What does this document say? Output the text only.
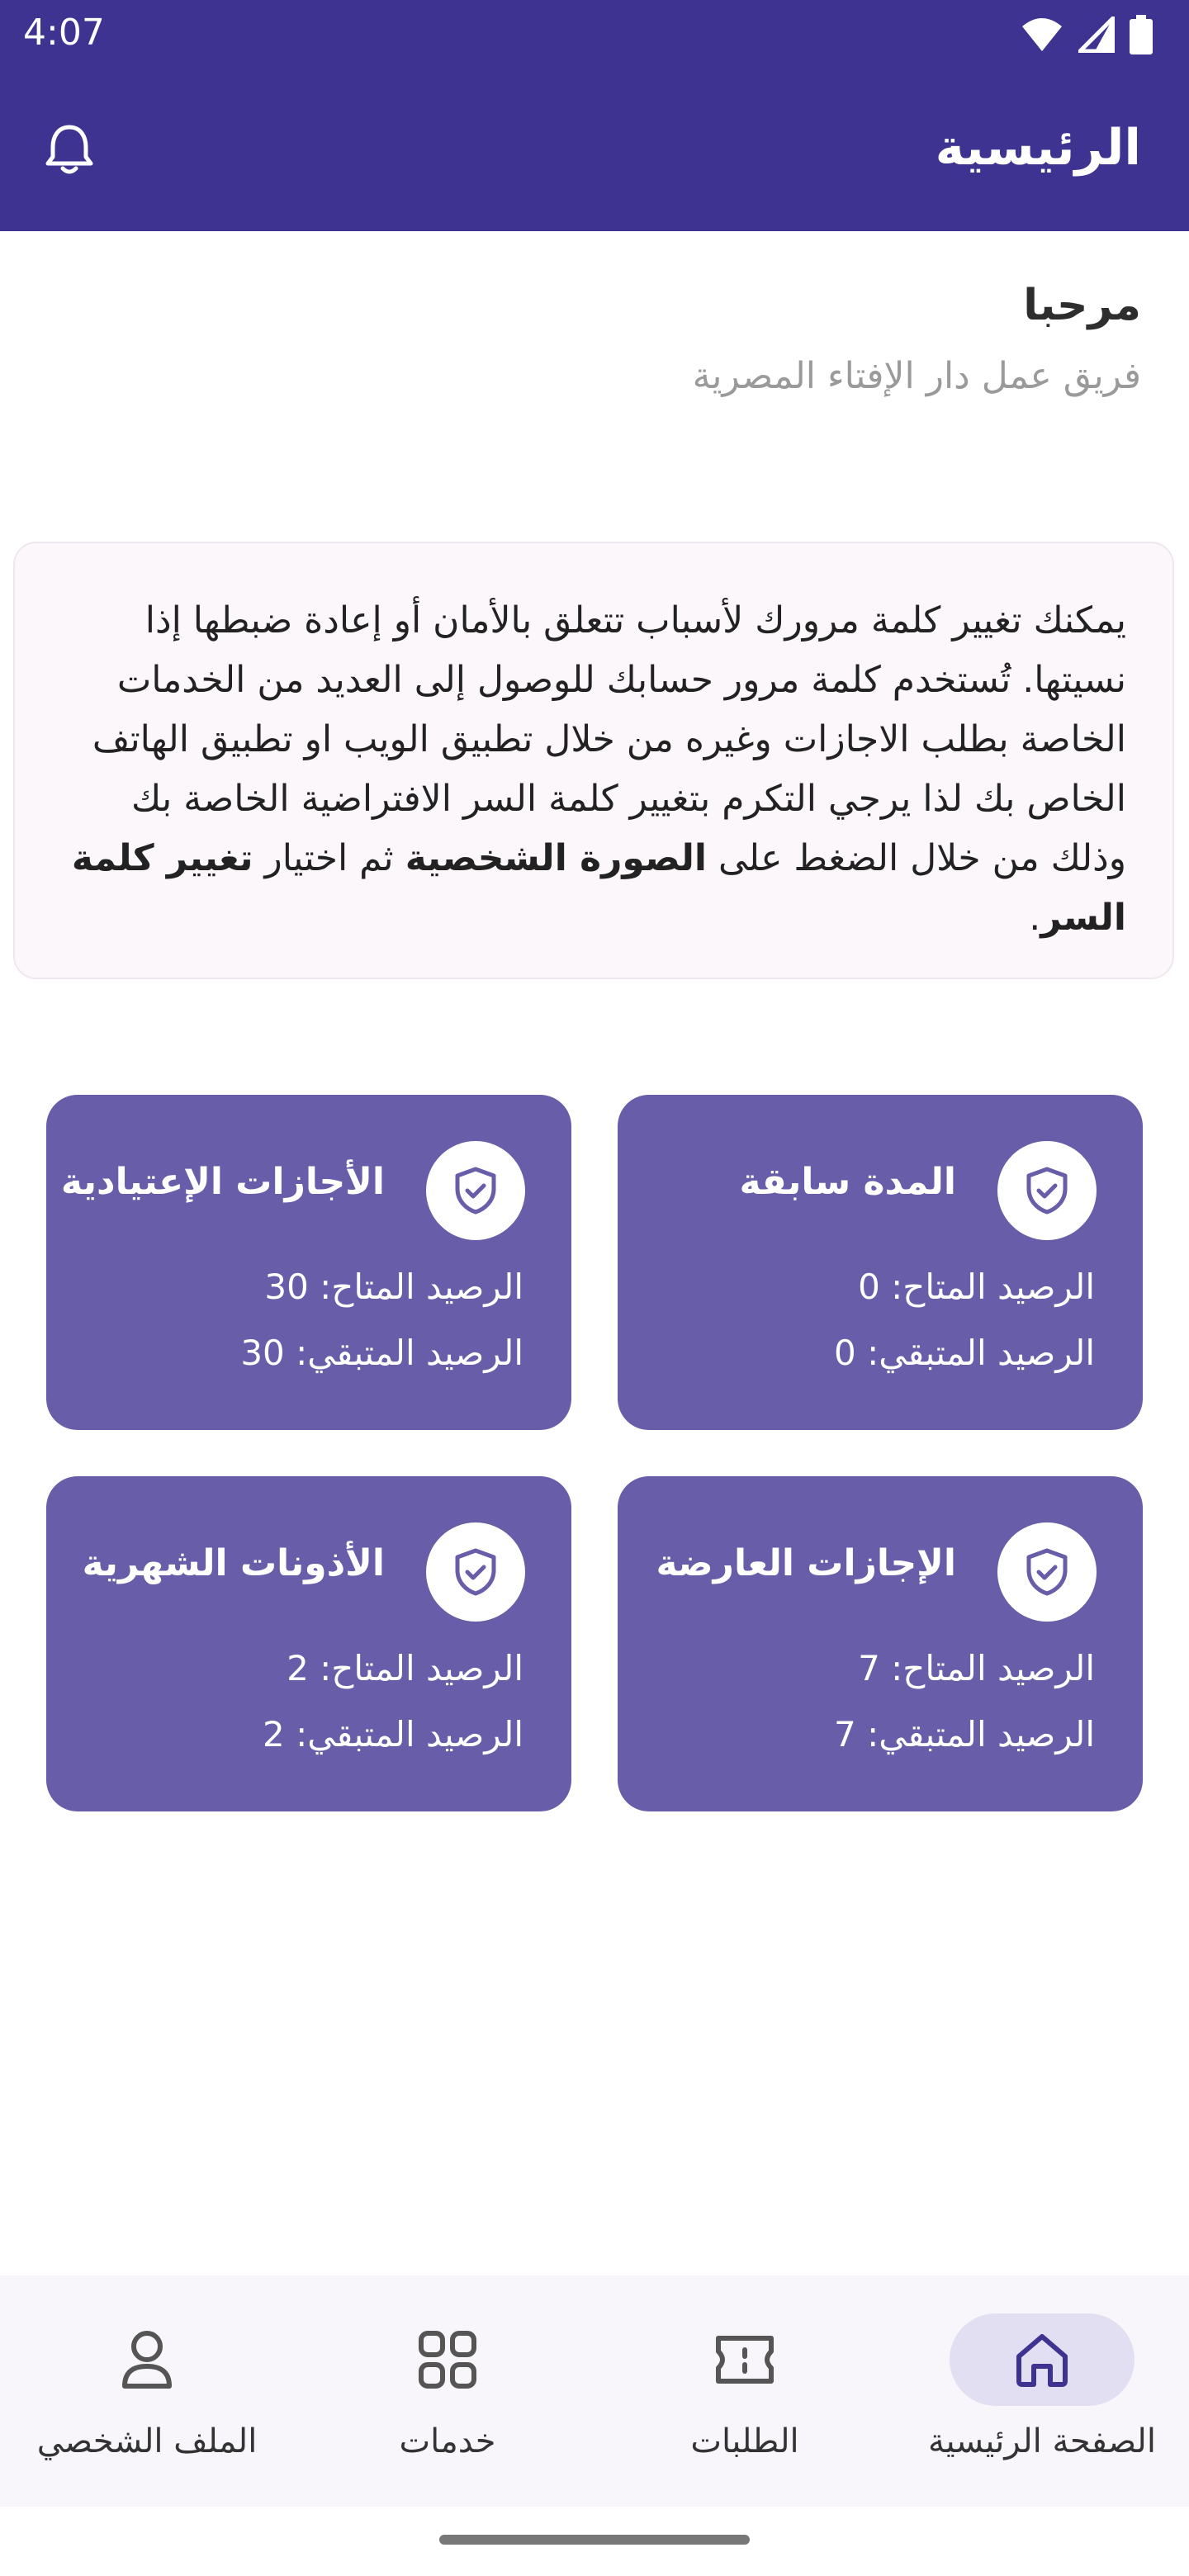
4:07
الرئيسية
مرحبا
فريق عمل دار الإفتاء المصرية
يمكنك تغيير كلمة مرورك لأسباب تتعلق بالأمان أو إعادة ضبطها إذا نسيتها. تُستخدم كلمة مرور حسابك للوصول إلى العديد من الخدمات الخاصة بطلب الاجازات وغيره من خلال تطبيق الويب او تطبيق الهاتف الخاص بك لذا يرجي التكرم بتغيير كلمة السر الافتراضية الخاصة بك وذلك من خلال الضغط على الصورة الشخصية ثم اختيار تغيير كلمة السر.
المدة سابقة
الرصيد المتاح: 0
الرصيد المتبقي: 0
الأجازات الإعتيادية
الرصيد المتاح: 30
الرصيد المتبقي: 30
الإجازات العارضة
الرصيد المتاح: 7
الرصيد المتبقي: 7
الأذونات الشهرية
الرصيد المتاح: 2
الرصيد المتبقي: 2
الصفحة الرئيسية
الطلبات
خدمات
الملف الشخصي
